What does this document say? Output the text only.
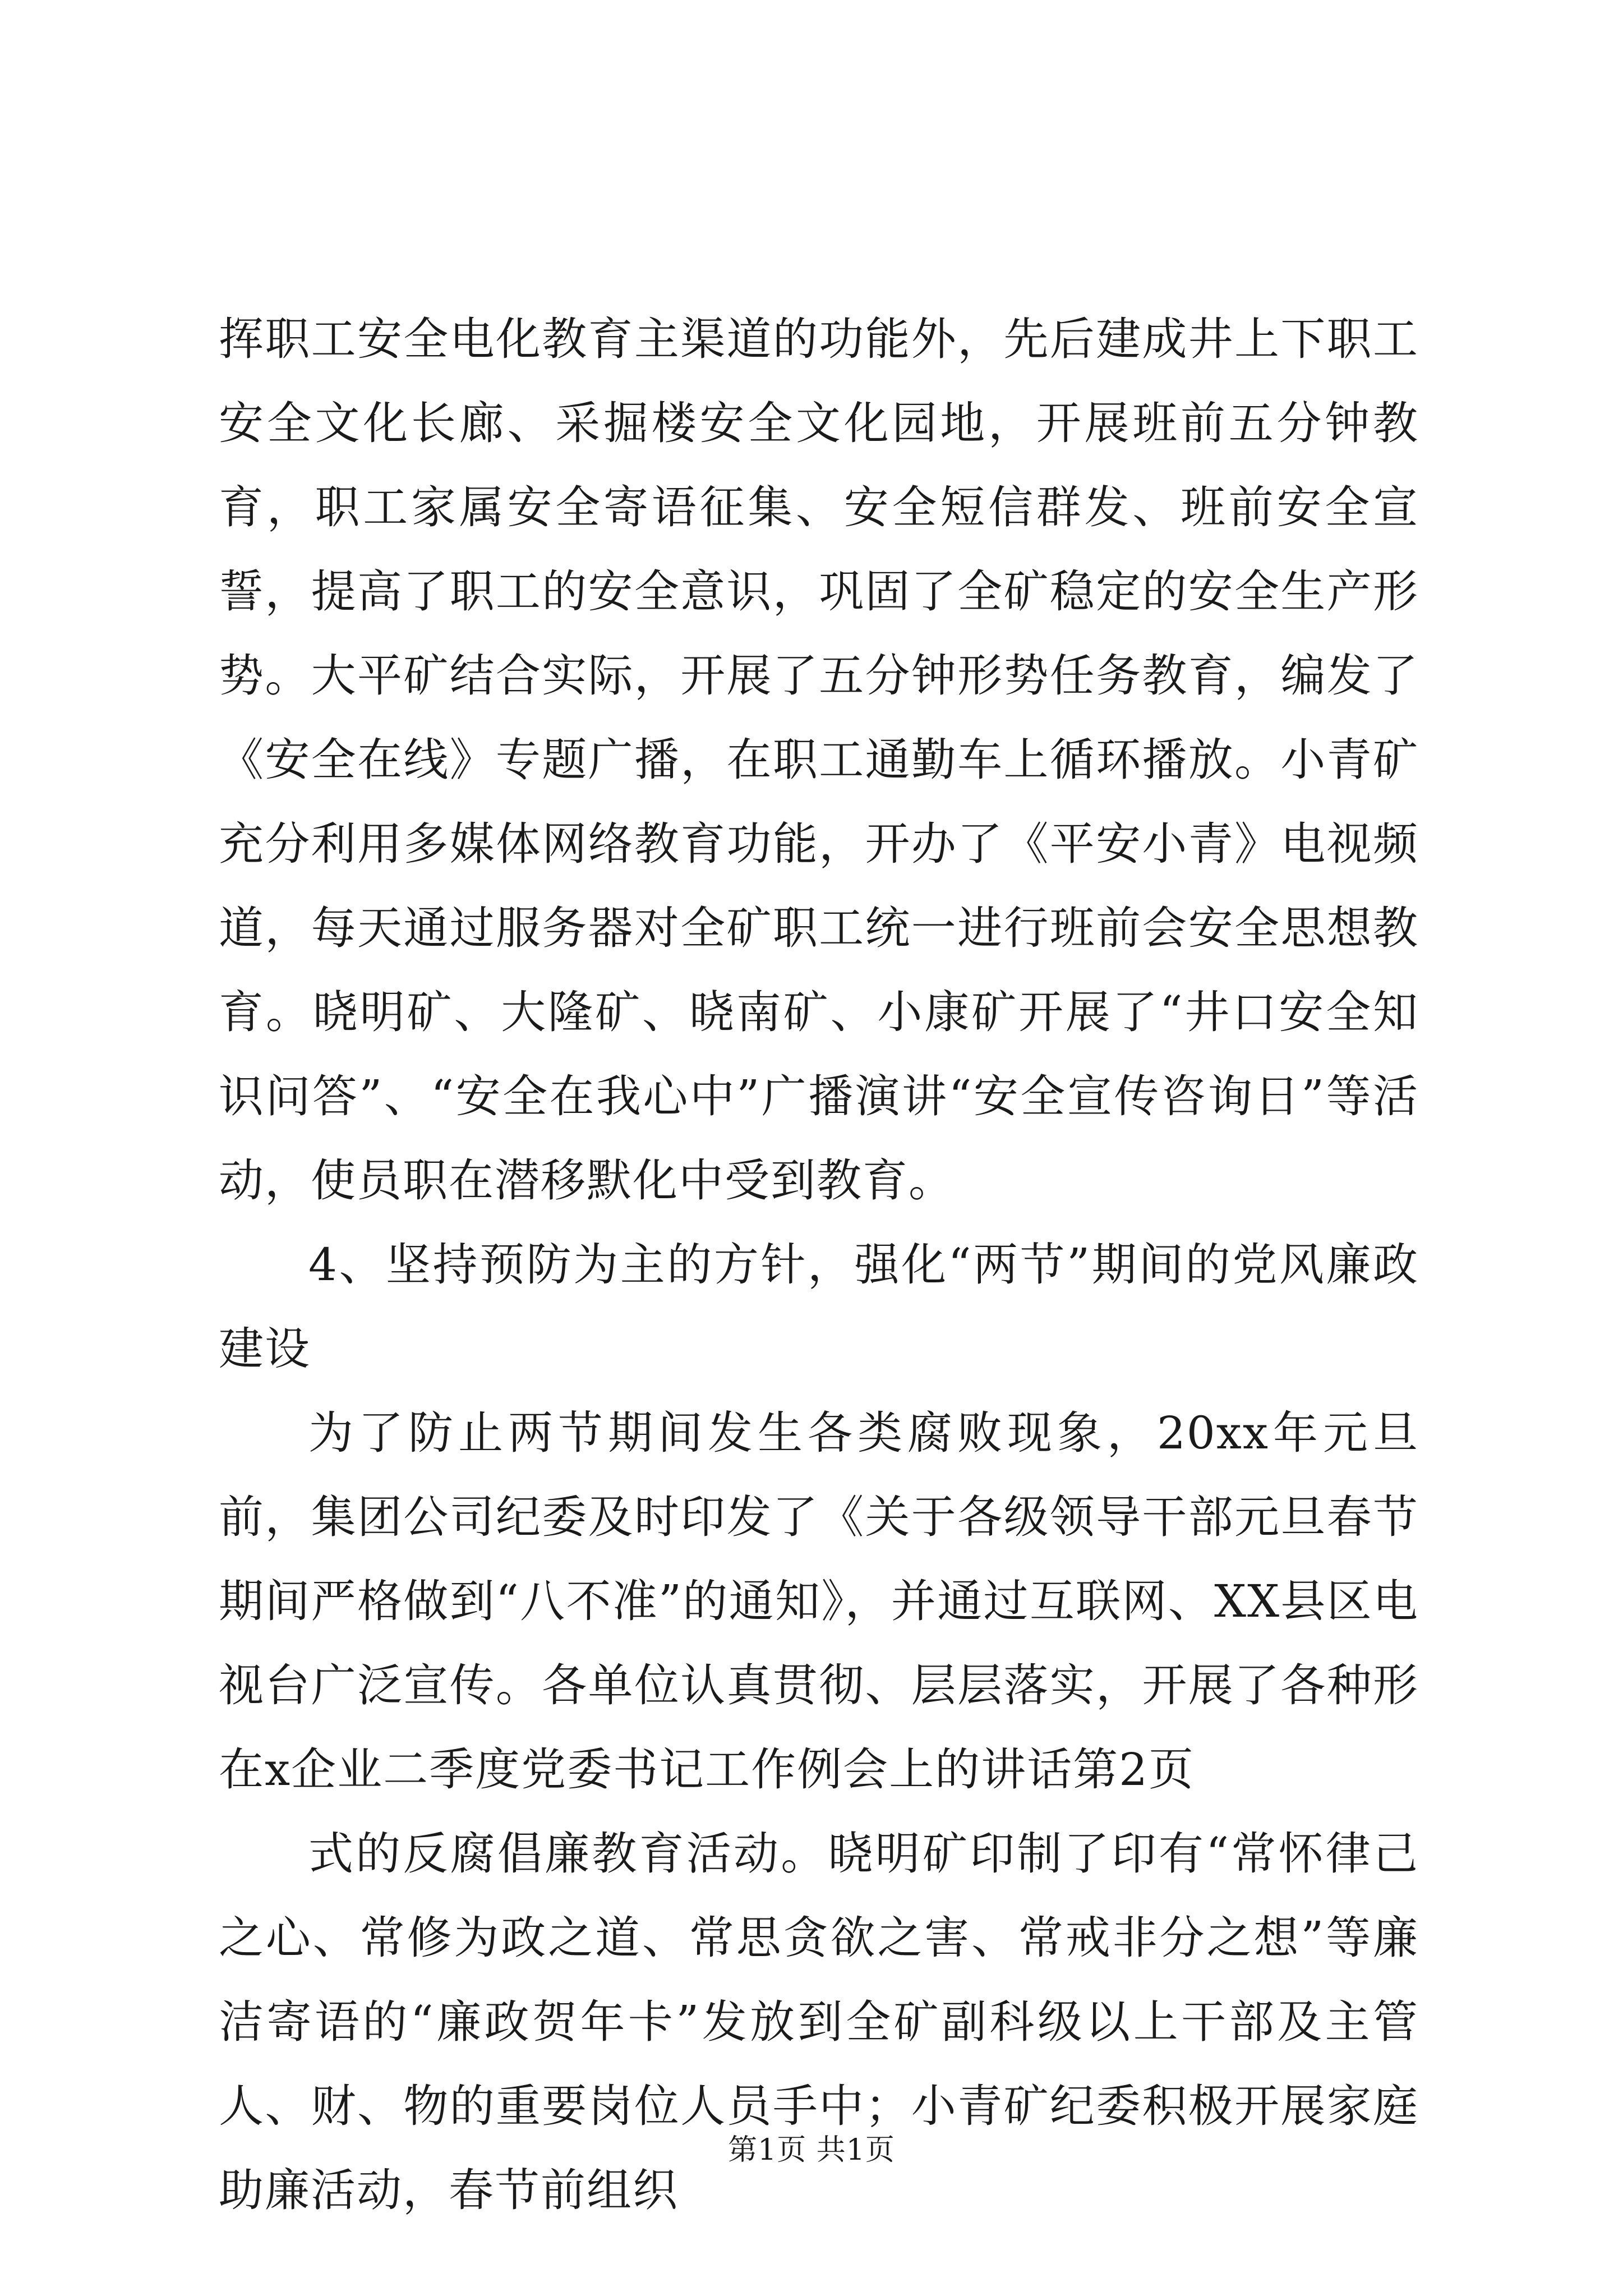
挥职工安全电化教育主渠道的功能外，先后建成井上下职工安全文化长廊、采掘楼安全文化园地，开展班前五分钟教育，职工家属安全寄语征集、安全短信群发、班前安全宣誓，提高了职工的安全意识，巩固了全矿稳定的安全生产形势。大平矿结合实际，开展了五分钟形势任务教育，编发了《安全在线》专题广播，在职工通勤车上循环播放。小青矿充分利用多媒体网络教育功能，开办了《平安小青》电视频道，每天通过服务器对全矿职工统一进行班前会安全思想教育。晓明矿、大隆矿、晓南矿、小康矿开展了“井口安全知识问答”、“安全在我心中”广播演讲“安全宣传咨询日”等活动，使员职在潜移默化中受到教育。

4、坚持预防为主的方针，强化“两节”期间的党风廉政建设

为了防止两节期间发生各类腐败现象，20xx年元旦前，集团公司纪委及时印发了《关于各级领导干部元旦春节期间严格做到“八不准”的通知》，并通过互联网、XX县区电视台广泛宣传。各单位认真贯彻、层层落实，开展了各种形在x企业二季度党委书记工作例会上的讲话第2页

式的反腐倡廉教育活动。晓明矿印制了印有“常怀律己之心、常修为政之道、常思贪欲之害、常戒非分之想”等廉洁寄语的“廉政贺年卡”发放到全矿副科级以上干部及主管人、财、物的重要岗位人员手中；小青矿纪委积极开展家庭助廉活动，春节前组织

第1页 共1页
